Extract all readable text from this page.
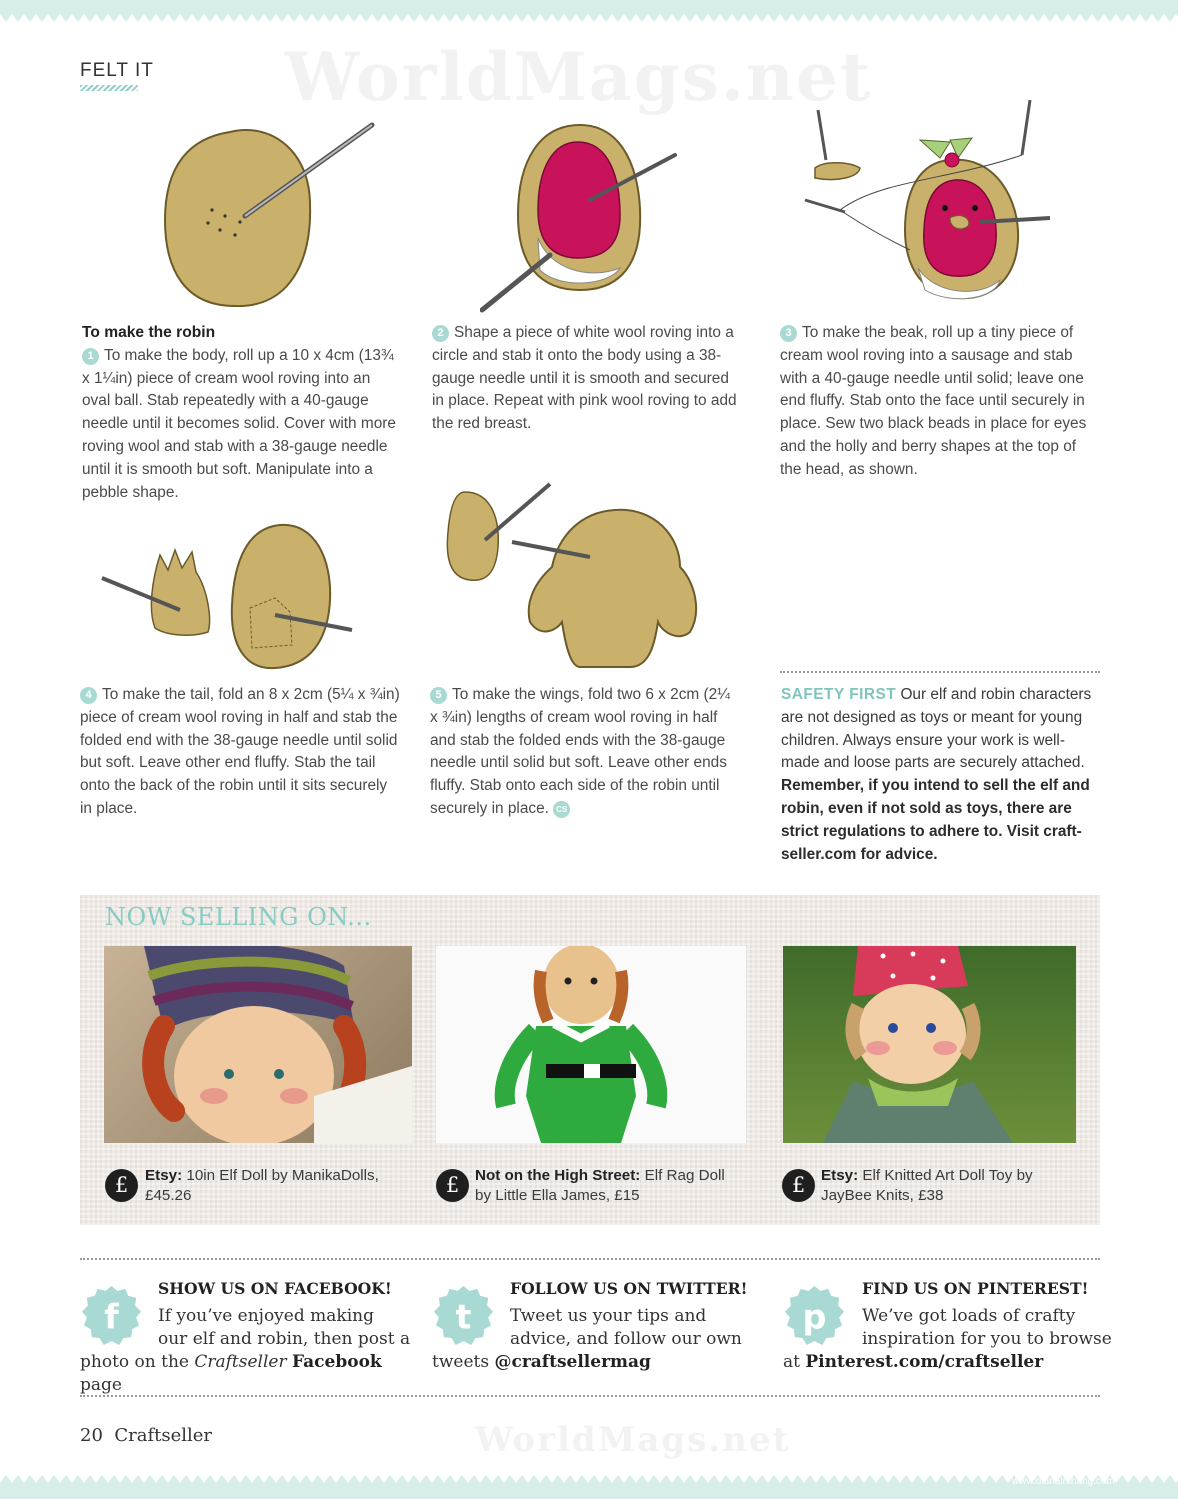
WorldMags.net
FELT IT
To make the robin
1 To make the body, roll up a 10 x 4cm (13¾ x 1¼in) piece of cream wool roving into an oval ball. Stab repeatedly with a 40-gauge needle until it becomes solid. Cover with more roving wool and stab with a 38-gauge needle until it is smooth but soft. Manipulate into a pebble shape.
2 Shape a piece of white wool roving into a circle and stab it onto the body using a 38-gauge needle until it is smooth and secured in place. Repeat with pink wool roving to add the red breast.
3 To make the beak, roll up a tiny piece of cream wool roving into a sausage and stab with a 40-gauge needle until solid; leave one end fluffy. Stab onto the face until securely in place. Sew two black beads in place for eyes and the holly and berry shapes at the top of the head, as shown.
4 To make the tail, fold an 8 x 2cm (5¼ x ¾in) piece of cream wool roving in half and stab the folded end with the 38-gauge needle until solid but soft. Leave other end fluffy. Stab the tail onto the back of the robin until it sits securely in place.
5 To make the wings, fold two 6 x 2cm (2¼ x ¾in) lengths of cream wool roving in half and stab the folded ends with the 38-gauge needle until solid but soft. Leave other ends fluffy. Stab onto each side of the robin until securely in place. CS
SAFETY FIRST Our elf and robin characters are not designed as toys or meant for young children. Always ensure your work is well-made and loose parts are securely attached. Remember, if you intend to sell the elf and robin, even if not sold as toys, there are strict regulations to adhere to. Visit craft-seller.com for advice.
NOW SELLING ON...
£	Etsy: 10in Elf Doll by ManikaDolls, £45.26	£	Not on the High Street: Elf Rag Doll by Little Ella James, £15	£	Etsy: Elf Knitted Art Doll Toy by JayBee Knits, £38
f
SHOW US ON FACEBOOK!
If you’ve enjoyed making
our elf and robin, then post a
photo on the Craftseller Facebook page
t
FOLLOW US ON TWITTER!
Tweet us your tips and
advice, and follow our own
tweets @craftsellermag
p
FIND US ON PINTEREST!
We’ve got loads of crafty
inspiration for you to browse
at Pinterest.com/craftseller
20 Craftseller	WorldMags.net
www.dianairshang.com
